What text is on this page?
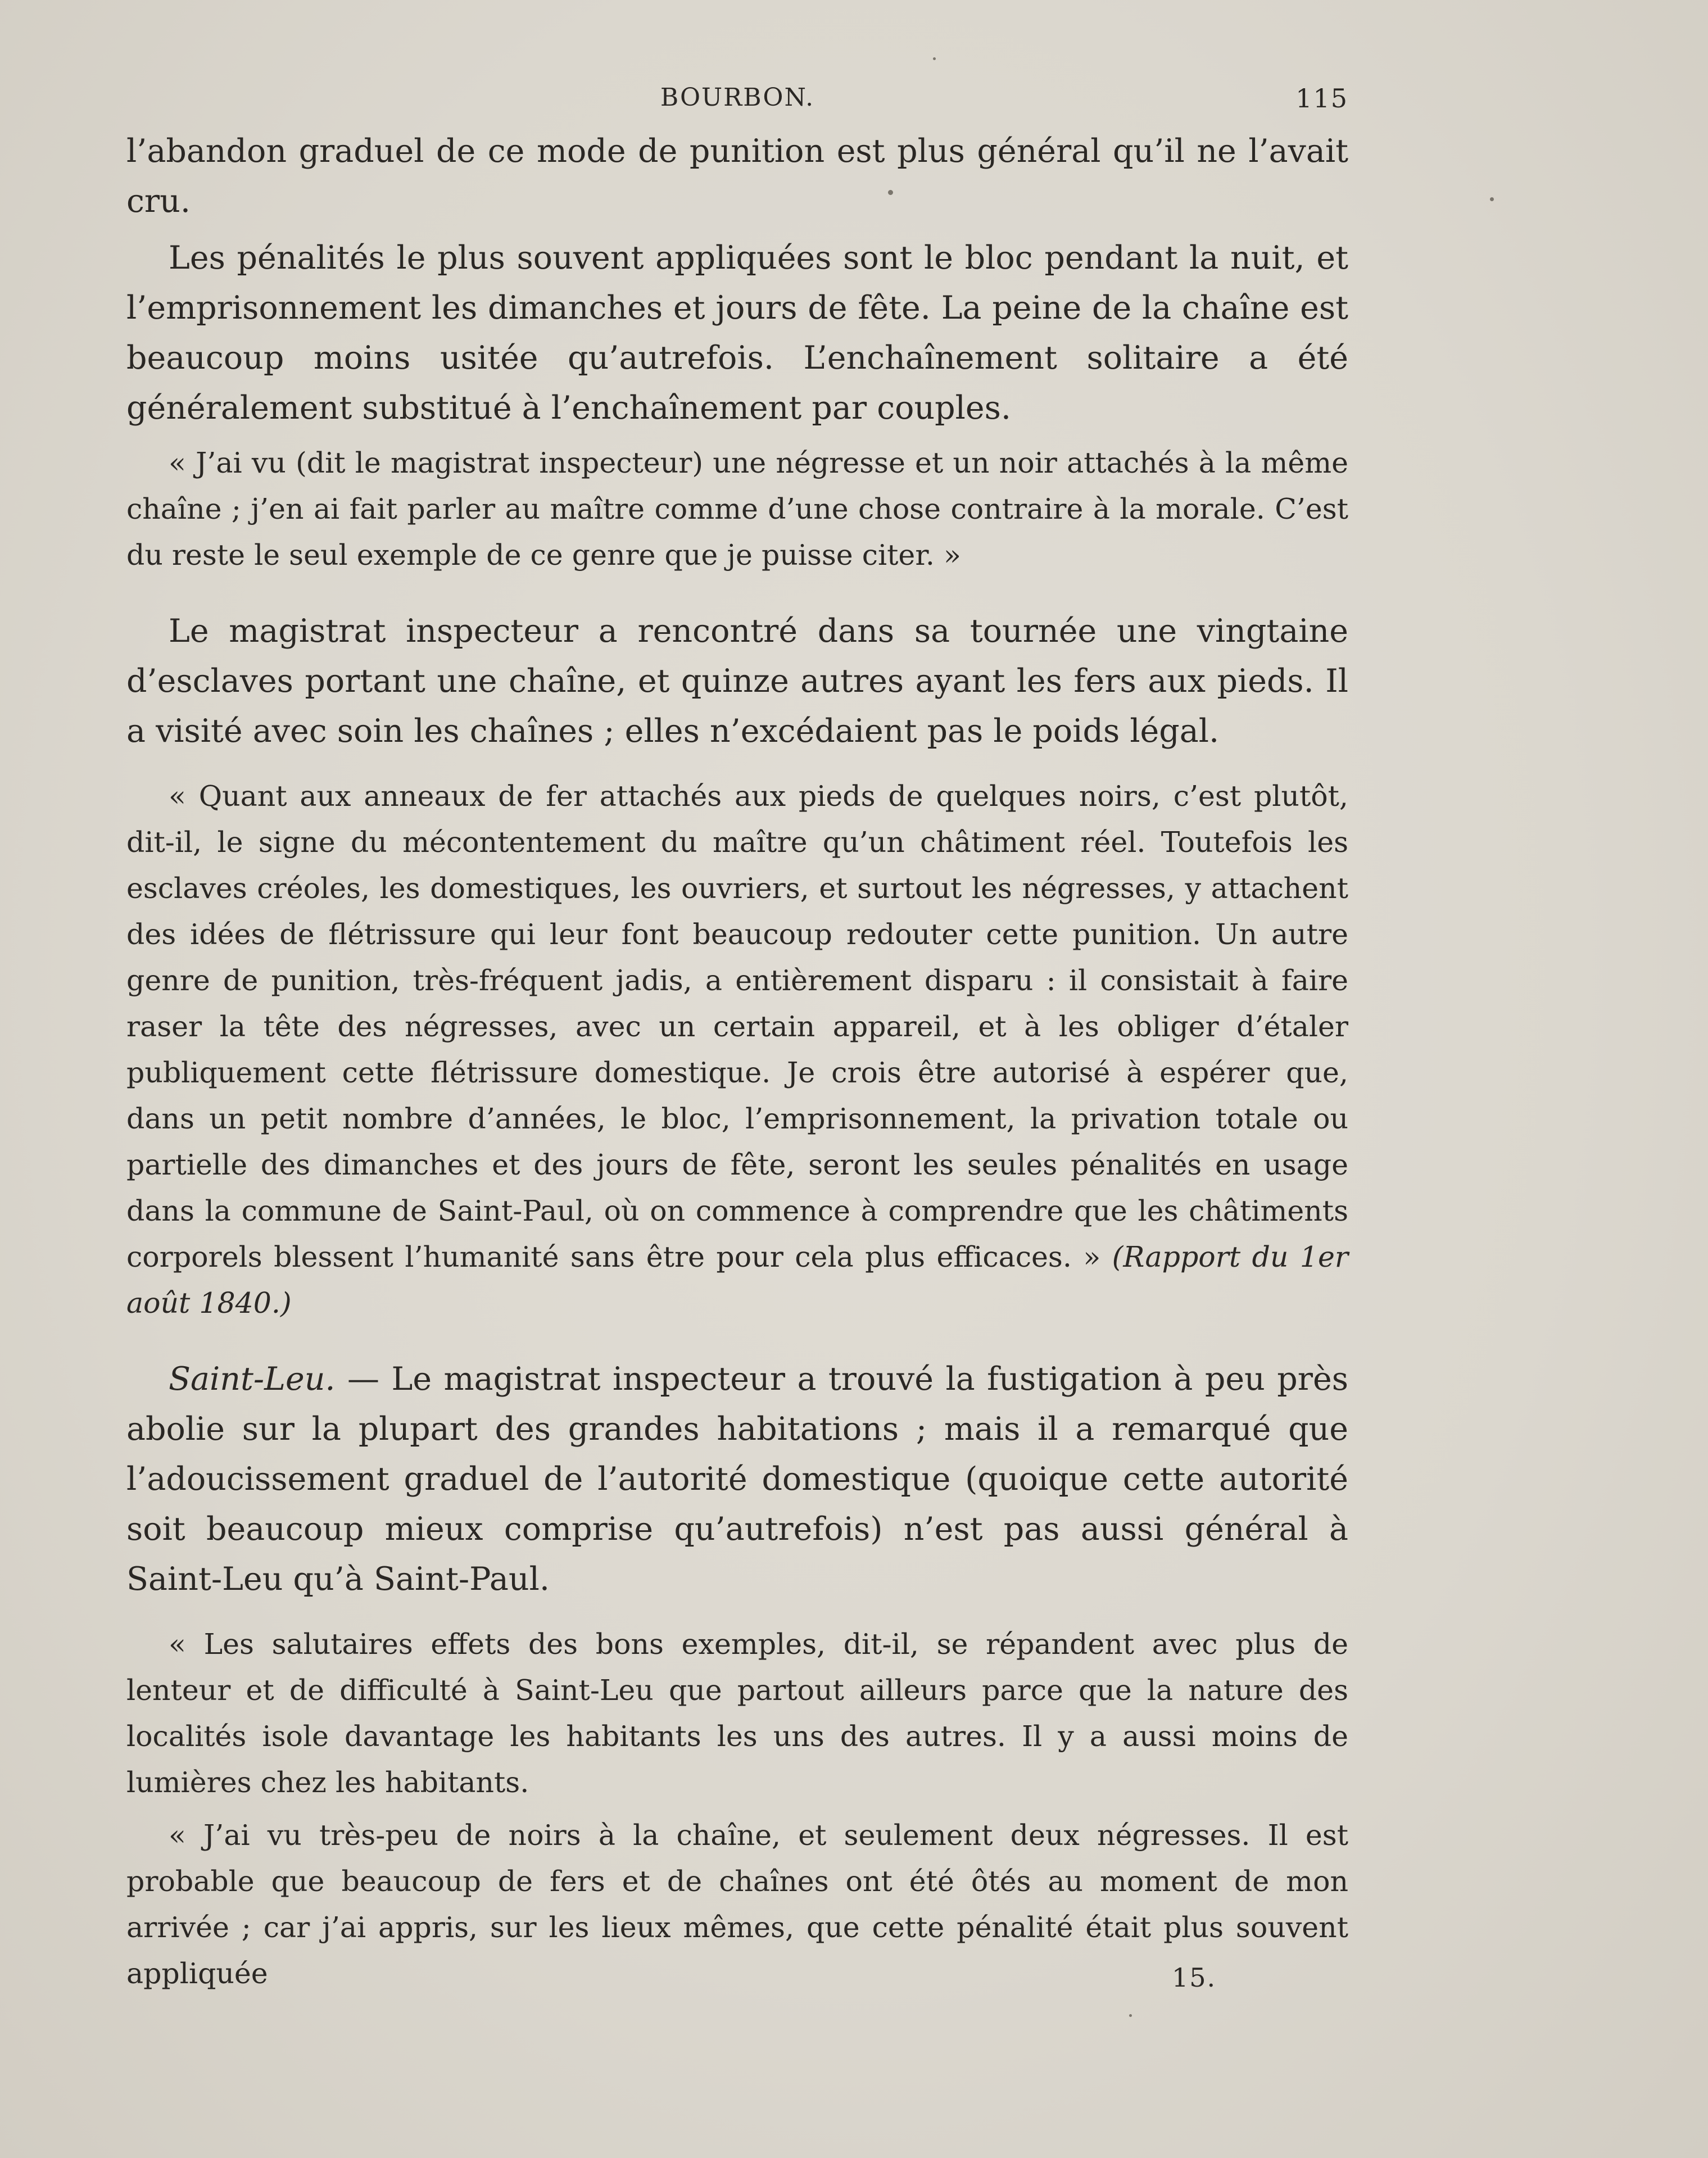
BOURBON.	115

l’abandon graduel de ce mode de punition est plus général qu’il ne l’avait cru.

Les pénalités le plus souvent appliquées sont le bloc pendant la nuit, et l’emprisonnement les dimanches et jours de fête. La peine de la chaîne est beaucoup moins usitée qu’autrefois. L’enchaînement solitaire a été généralement substitué à l’enchaînement par couples.

« J’ai vu (dit le magistrat inspecteur) une négresse et un noir attachés à la même chaîne ; j’en ai fait parler au maître comme d’une chose contraire à la morale. C’est du reste le seul exemple de ce genre que je puisse citer. »

Le magistrat inspecteur a rencontré dans sa tournée une vingtaine d’esclaves portant une chaîne, et quinze autres ayant les fers aux pieds. Il a visité avec soin les chaînes ; elles n’excédaient pas le poids légal.

« Quant aux anneaux de fer attachés aux pieds de quelques noirs, c’est plutôt, dit-il, le signe du mécontentement du maître qu’un châtiment réel. Toutefois les esclaves créoles, les domestiques, les ouvriers, et surtout les négresses, y attachent des idées de flétrissure qui leur font beaucoup redouter cette punition. Un autre genre de punition, très-fréquent jadis, a entièrement disparu : il consistait à faire raser la tête des négresses, avec un certain appareil, et à les obliger d’étaler publiquement cette flétrissure domestique. Je crois être autorisé à espérer que, dans un petit nombre d’années, le bloc, l’emprisonnement, la privation totale ou partielle des dimanches et des jours de fête, seront les seules pénalités en usage dans la commune de Saint-Paul, où on commence à comprendre que les châtiments corporels blessent l’humanité sans être pour cela plus efficaces. » (Rapport du 1er août 1840.)

Saint-Leu. — Le magistrat inspecteur a trouvé la fustigation à peu près abolie sur la plupart des grandes habitations ; mais il a remarqué que l’adoucissement graduel de l’autorité domestique (quoique cette autorité soit beaucoup mieux comprise qu’autrefois) n’est pas aussi général à Saint-Leu qu’à Saint-Paul.

« Les salutaires effets des bons exemples, dit-il, se répandent avec plus de lenteur et de difficulté à Saint-Leu que partout ailleurs parce que la nature des localités isole davantage les habitants les uns des autres. Il y a aussi moins de lumières chez les habitants.

« J’ai vu très-peu de noirs à la chaîne, et seulement deux négresses. Il est probable que beaucoup de fers et de chaînes ont été ôtés au moment de mon arrivée ; car j’ai appris, sur les lieux mêmes, que cette pénalité était plus souvent appliquée	15.
